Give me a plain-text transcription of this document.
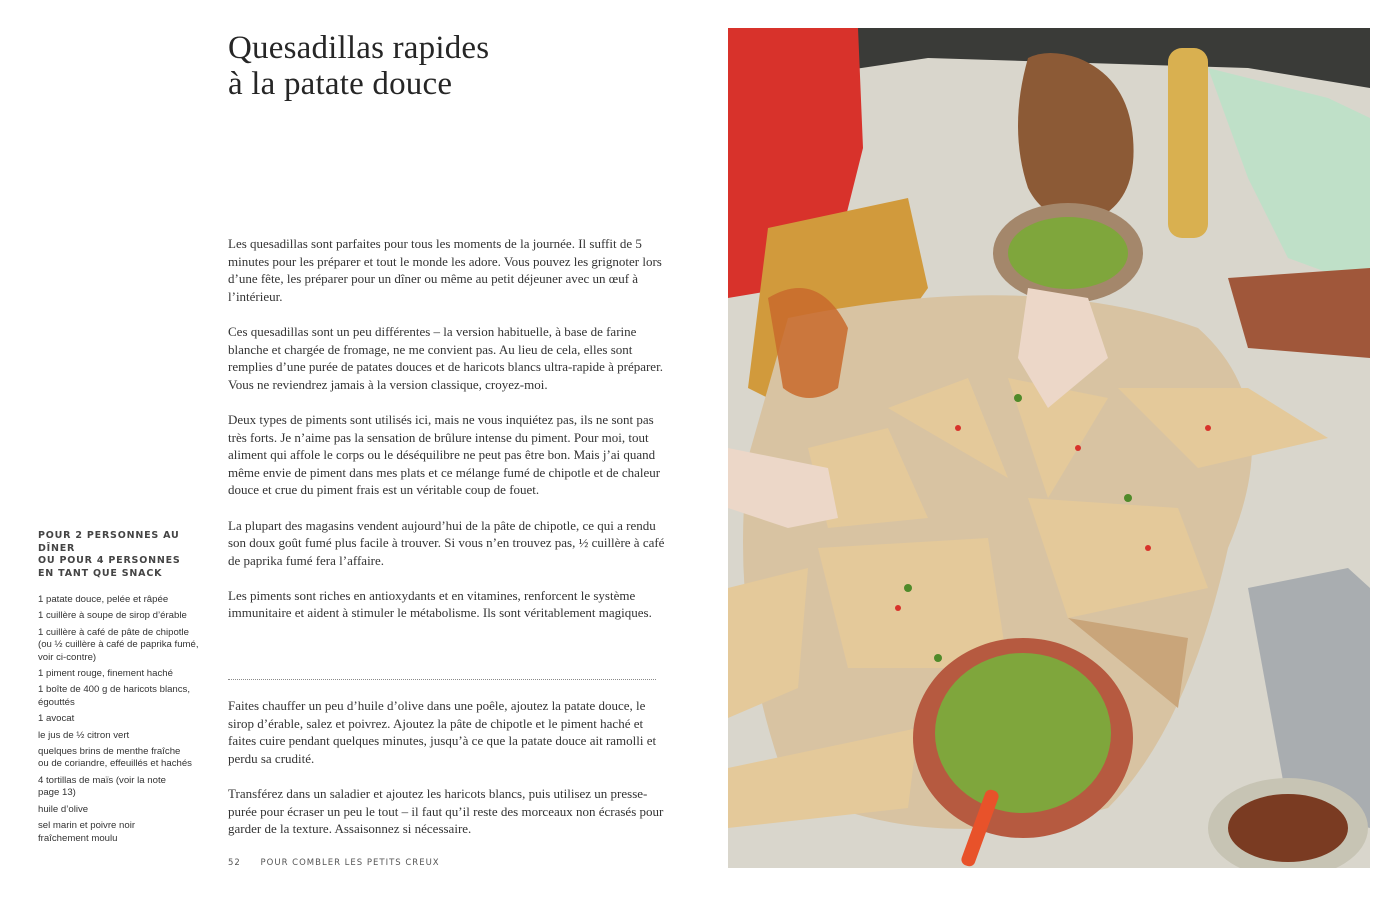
Quesadillas rapides
à la patate douce

Les quesadillas sont parfaites pour tous les moments de la journée. Il suffit de 5 minutes pour les préparer et tout le monde les adore. Vous pouvez les grignoter lors d’une fête, les préparer pour un dîner ou même au petit déjeuner avec un œuf à l’intérieur.

Ces quesadillas sont un peu différentes – la version habituelle, à base de farine blanche et chargée de fromage, ne me convient pas. Au lieu de cela, elles sont remplies d’une purée de patates douces et de haricots blancs ultra-rapide à préparer. Vous ne reviendrez jamais à la version classique, croyez-moi.

Deux types de piments sont utilisés ici, mais ne vous inquiétez pas, ils ne sont pas très forts. Je n’aime pas la sensation de brûlure intense du piment. Pour moi, tout aliment qui affole le corps ou le déséquilibre ne peut pas être bon. Mais j’ai quand même envie de piment dans mes plats et ce mélange fumé de chipotle et de chaleur douce et crue du piment frais est un véritable coup de fouet.

La plupart des magasins vendent aujourd’hui de la pâte de chipotle, ce qui a rendu son doux goût fumé plus facile à trouver. Si vous n’en trouvez pas, ½ cuillère à café de paprika fumé fera l’affaire.

Les piments sont riches en antioxydants et en vitamines, renforcent le système immunitaire et aident à stimuler le métabolisme. Ils sont véritablement magiques.

Faites chauffer un peu d’huile d’olive dans une poêle, ajoutez la patate douce, le sirop d’érable, salez et poivrez. Ajoutez la pâte de chipotle et le piment haché et faites cuire pendant quelques minutes, jusqu’à ce que la patate douce ait ramolli et perdu sa crudité.

Transférez dans un saladier et ajoutez les haricots blancs, puis utilisez un presse-purée pour écraser un peu le tout – il faut qu’il reste des morceaux non écrasés pour garder de la texture. Assaisonnez si nécessaire.

POUR 2 PERSONNES AU DÎNER
OU POUR 4 PERSONNES
EN TANT QUE SNACK
1 patate douce, pelée et râpée
1 cuillère à soupe de sirop d’érable
1 cuillère à café de pâte de chipotle
(ou ½ cuillère à café de paprika fumé,
voir ci-contre)
1 piment rouge, finement haché
1 boîte de 400 g de haricots blancs,
égouttés
1 avocat
le jus de ½ citron vert
quelques brins de menthe fraîche
ou de coriandre, effeuillés et hachés
4 tortillas de maïs (voir la note
page 13)
huile d’olive
sel marin et poivre noir
fraîchement moulu
52 POUR COMBLER LES PETITS CREUX
